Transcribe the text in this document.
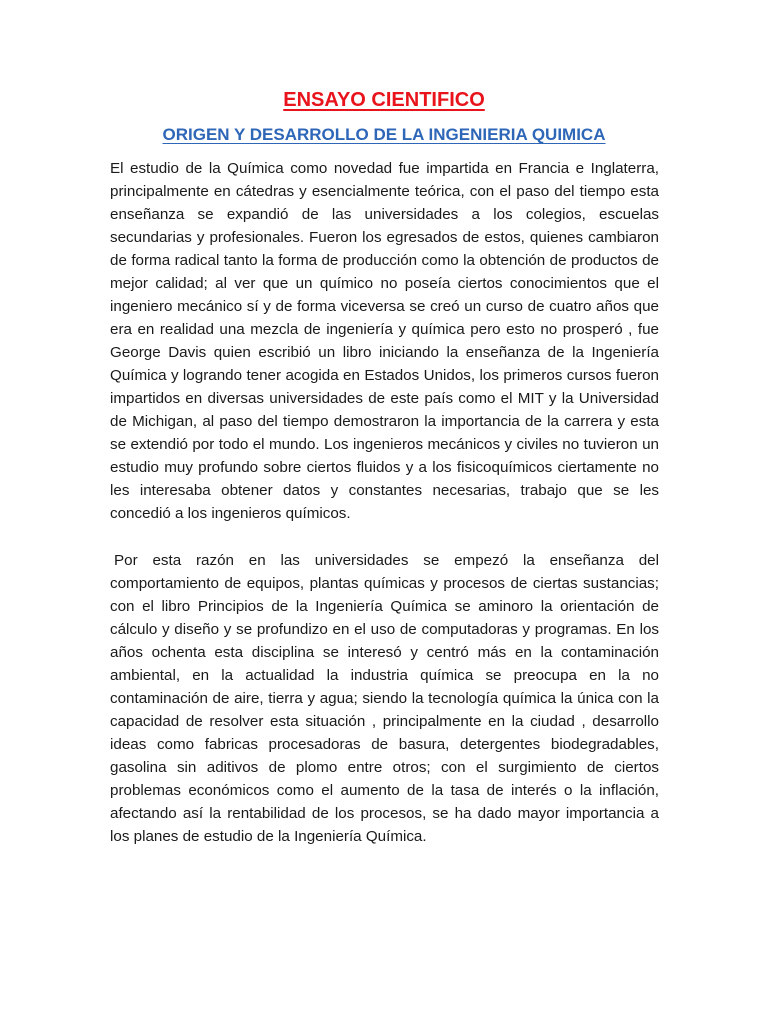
ENSAYO CIENTIFICO
ORIGEN Y DESARROLLO DE LA INGENIERIA QUIMICA

El estudio de la Química como novedad fue impartida en Francia e Inglaterra, principalmente en cátedras y esencialmente teórica, con el paso del tiempo esta enseñanza se expandió de las universidades a los colegios, escuelas secundarias y profesionales. Fueron los egresados de estos, quienes cambiaron de forma radical tanto la forma de producción como la obtención de productos de mejor calidad; al ver que un químico no poseía ciertos conocimientos que el ingeniero mecánico sí y de forma viceversa se creó un curso de cuatro años que era en realidad una mezcla de ingeniería y química pero esto no prosperó , fue George Davis quien escribió un libro iniciando la enseñanza de la Ingeniería Química y logrando tener acogida en Estados Unidos, los primeros cursos fueron impartidos en diversas universidades de este país como el MIT y la Universidad de Michigan, al paso del tiempo demostraron la importancia de la carrera y esta se extendió por todo el mundo. Los ingenieros mecánicos y civiles no tuvieron un estudio muy profundo sobre ciertos fluidos y a los fisicoquímicos ciertamente no les interesaba obtener datos y constantes necesarias, trabajo que se les concedió a los ingenieros químicos.

Por esta razón en las universidades se empezó la enseñanza del comportamiento de equipos, plantas químicas y procesos de ciertas sustancias; con el libro Principios de la Ingeniería Química se aminoro la orientación de cálculo y diseño y se profundizo en el uso de computadoras y programas. En los años ochenta esta disciplina se interesó y centró más en la contaminación ambiental, en la actualidad la industria química se preocupa en la no contaminación de aire, tierra y agua; siendo la tecnología química la única con la capacidad de resolver esta situación , principalmente en la ciudad , desarrollo ideas como fabricas procesadoras de basura, detergentes biodegradables, gasolina sin aditivos de plomo entre otros; con el surgimiento de ciertos problemas económicos como el aumento de la tasa de interés o la inflación, afectando así la rentabilidad de los procesos, se ha dado mayor importancia a los planes de estudio de la Ingeniería Química.
